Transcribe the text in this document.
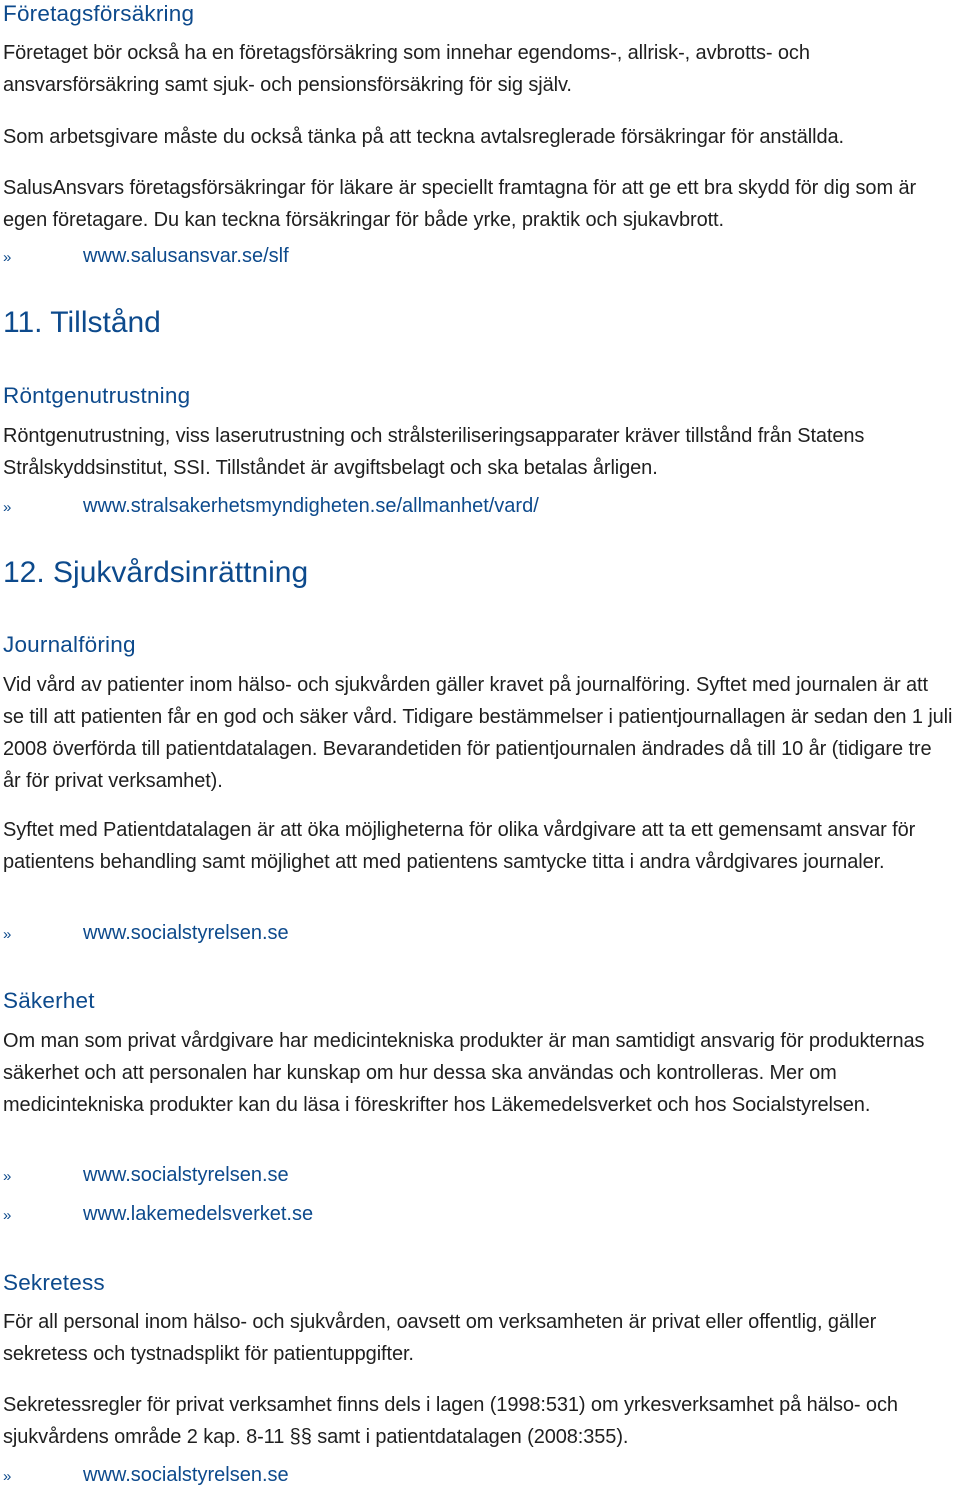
Företagsförsäkring

Företaget bör också ha en företagsförsäkring som innehar egendoms-, allrisk-, avbrotts- och ansvarsförsäkring samt sjuk- och pensionsförsäkring för sig själv.

Som arbetsgivare måste du också tänka på att teckna avtalsreglerade försäkringar för anställda.

SalusAnsvars företagsförsäkringar för läkare är speciellt framtagna för att ge ett bra skydd för dig som är egen företagare. Du kan teckna försäkringar för både yrke, praktik och sjukavbrott.

»	www.salusansvar.se/slf
11. Tillstånd
Röntgenutrustning

Röntgenutrustning, viss laserutrustning och strålsteriliseringsapparater kräver tillstånd från Statens Strålskyddsinstitut, SSI. Tillståndet är avgiftsbelagt och ska betalas årligen.

»	www.stralsakerhetsmyndigheten.se/allmanhet/vard/
12. Sjukvårdsinrättning
Journalföring

Vid vård av patienter inom hälso- och sjukvården gäller kravet på journalföring. Syftet med journalen är att se till att patienten får en god och säker vård. Tidigare bestämmelser i patientjournallagen är sedan den 1 juli 2008 överförda till patientdatalagen. Bevarandetiden för patientjournalen ändrades då till 10 år (tidigare tre år för privat verksamhet).

Syftet med Patientdatalagen är att öka möjligheterna för olika vårdgivare att ta ett gemensamt ansvar för patientens behandling samt möjlighet att med patientens samtycke titta i andra vårdgivares journaler.

»	www.socialstyrelsen.se
Säkerhet

Om man som privat vårdgivare har medicintekniska produkter är man samtidigt ansvarig för produkternas säkerhet och att personalen har kunskap om hur dessa ska användas och kontrolleras. Mer om medicintekniska produkter kan du läsa i föreskrifter hos Läkemedelsverket och hos Socialstyrelsen.

»	www.socialstyrelsen.se
»	www.lakemedelsverket.se
Sekretess

För all personal inom hälso- och sjukvården, oavsett om verksamheten är privat eller offentlig, gäller sekretess och tystnadsplikt för patientuppgifter.

Sekretessregler för privat verksamhet finns dels i lagen (1998:531) om yrkesverksamhet på hälso- och sjukvårdens område 2 kap. 8-11 §§ samt i patientdatalagen (2008:355).

»	www.socialstyrelsen.se
